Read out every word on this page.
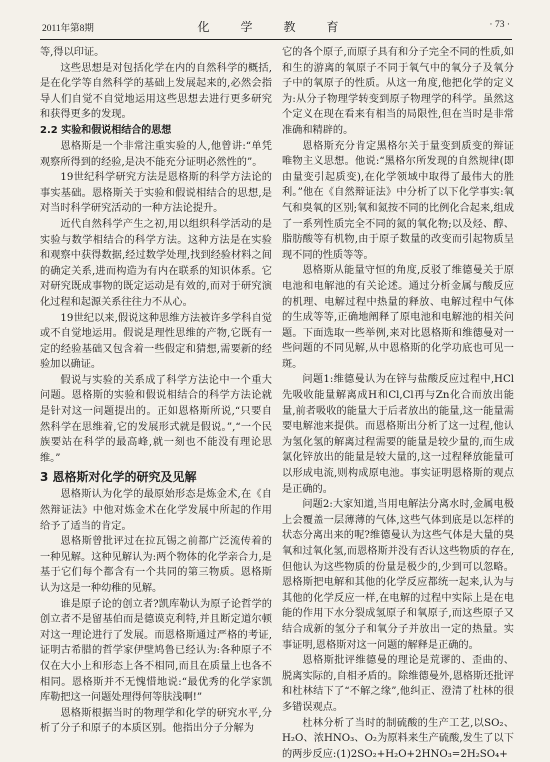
2011年第8期	化 学 教 育	· 73 ·

等,得以印证。

这些思想是对包括化学在内的自然科学的概括,是在化学等自然科学的基础上发展起来的,必然会指导人们自觉不自觉地运用这些思想去进行更多研究和获得更多的发现。

2.2 实验和假说相结合的思想

恩格斯是一个非常注重实验的人,他曾讲:“单凭观察所得到的经验,是决不能充分证明必然性的”。

19世纪科学研究方法是恩格斯的科学方法论的事实基础。恩格斯关于实验和假说相结合的思想,是对当时科学研究活动的一种方法论提升。

近代自然科学产生之初,用以组织科学活动的是实验与数学相结合的科学方法。这种方法是在实验和观察中获得数据,经过数学处理,找到经验材料之间的确定关系,进而构造为有内在联系的知识体系。它对研究既成事物的既定运动是有效的,而对于研究演化过程和起源关系往往力不从心。

19世纪以来,假说这种思维方法被许多学科自觉或不自觉地运用。假说是理性思维的产物,它既有一定的经验基础又包含着一些假定和猜想,需要新的经验加以确证。

假说与实验的关系成了科学方法论中一个重大问题。恩格斯的实验和假说相结合的科学方法论就是针对这一问题提出的。正如恩格斯所说,“只要自然科学在思维着,它的发展形式就是假说。”,“一个民族要站在科学的最高峰,就一刻也不能没有理论思维。”

3 恩格斯对化学的研究及见解

恩格斯认为化学的最原始形态是炼金术,在《自然辩证法》中他对炼金术在化学发展中所起的作用给予了适当的肯定。

恩格斯曾批评过在拉瓦锡之前都广泛流传着的一种见解。这种见解认为:两个物体的化学亲合力,是基于它们每个都含有一个共同的第三物质。恩格斯认为这是一种幼稚的见解。

谁是原子论的创立者?凯库勒认为原子论哲学的创立者不是留基伯而是德谟克利特,并且断定道尔顿对这一理论进行了发展。而恩格斯通过严格的考证,证明古希腊的哲学家伊壁鸠鲁已经认为:各种原子不仅在大小上和形态上各不相同,而且在质量上也各不相同。恩格斯并不无愧惜地说:“最优秀的化学家凯库勒把这一问题处理得何等肤浅啊!”

恩格斯根据当时的物理学和化学的研究水平,分析了分子和原子的本质区别。他指出分子分解为

它的各个原子,而原子具有和分子完全不同的性质,如和生的游离的氧原子不同于氧气中的氧分子及氧分子中的氧原子的性质。从这一角度,他把化学的定义为:从分子物理学转变到原子物理学的科学。虽然这个定义在现在看来有相当的局限性,但在当时是非常准确和精辟的。

恩格斯充分肯定黑格尔关于量变到质变的辩证唯物主义思想。他说:“黑格尔所发现的自然规律(即由量变引起质变),在化学领域中取得了最伟大的胜利。”他在《自然辩证法》中分析了以下化学事实:氧气和臭氧的区别;氧和氮按不同的比例化合起来,组成了一系列性质完全不同的氮的氧化物;以及烃、醇、脂肪酸等有机物,由于原子数量的改变而引起物质呈现不同的性质等等。

恩格斯从能量守恒的角度,反驳了维德曼关于原电池和电解池的有关论述。通过分析金属与酸反应的机理、电解过程中热量的释放、电解过程中气体的生成等等,正确地阐释了原电池和电解池的相关问题。下面选取一些举例,来对比恩格斯和维德曼对一些问题的不同见解,从中恩格斯的化学功底也可见一斑。

问题1:维德曼认为在锌与盐酸反应过程中,HCl先吸收能量解离成H和Cl,Cl再与Zn化合而放出能量,前者吸收的能量大于后者放出的能量,这一能量需要电解池来提供。而恩格斯出分析了这一过程,他认为氢化氢的解离过程需要的能量是较少量的,而生成氯化锌放出的能量是较大量的,这一过程释放能量可以形成电流,则构成原电池。事实证明恩格斯的观点是正确的。

问题2:大家知道,当用电解法分离水时,金属电极上会覆盖一层薄薄的气体,这些气体到底是以怎样的状态分离出来的呢?维德曼认为这些气体是大量的臭氧和过氧化氢,而恩格斯并没有否认这些物质的存在,但他认为这些物质的份量是极少的,少到可以忽略。恩格斯把电解和其他的化学反应都统一起来,认为与其他的化学反应一样,在电解的过程中实际上是在电能的作用下水分裂成氢原子和氧原子,而这些原子又结合成新的氢分子和氧分子并放出一定的热量。实事证明,恩格斯对这一问题的解释是正确的。

恩格斯批评维德曼的理论是荒谬的、歪曲的、脱离实际的,自相矛盾的。除维德曼外,恩格斯还批评和杜林结下了“不解之缘”,他纠正、澄清了杜林的很多错误观点。

杜林分析了当时的制硫酸的生产工艺,以SO₂、H₂O、浓HNO₃、O₂为原料来生产硫酸,发生了以下的两步反应:(1)2SO₂+H₂O+2HNO₃=2H₂SO₄+
